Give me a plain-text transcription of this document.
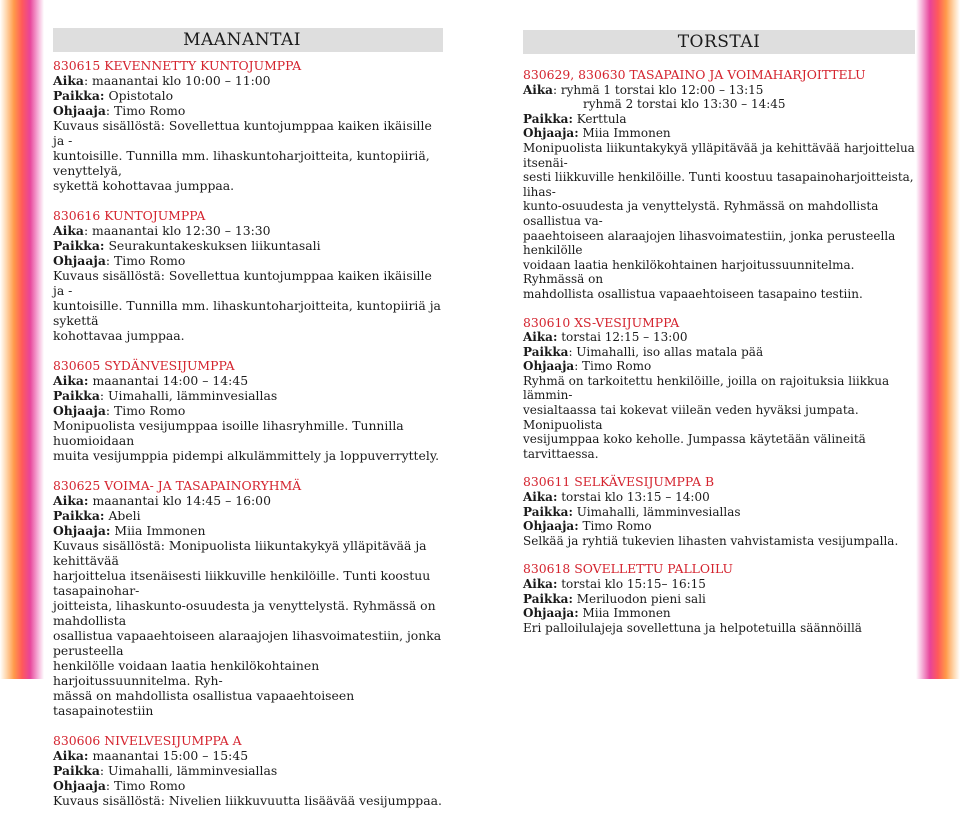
MAANANTAI
830615 KEVENNETTY KUNTOJUMPPA
Aika: maanantai klo 10:00 – 11:00
Paikka: Opistotalo
Ohjaaja: Timo Romo
Kuvaus sisällöstä: Sovellettua kuntojumppaa kaiken ikäisille ja -
kuntoisille. Tunnilla mm. lihaskuntoharjoitteita, kuntopiiriä, venyttelyä,
sykettä kohottavaa jumppaa.
830616 KUNTOJUMPPA
Aika: maanantai klo 12:30 – 13:30
Paikka: Seurakuntakeskuksen liikuntasali
Ohjaaja: Timo Romo
Kuvaus sisällöstä: Sovellettua kuntojumppaa kaiken ikäisille ja -
kuntoisille. Tunnilla mm. lihaskuntoharjoitteita, kuntopiiriä ja sykettä
kohottavaa jumppaa.
830605 SYDÄNVESIJUMPPA
Aika: maanantai 14:00 – 14:45
Paikka: Uimahalli, lämminvesiallas
Ohjaaja: Timo Romo
Monipuolista vesijumppaa isoille lihasryhmille. Tunnilla huomioidaan
muita vesijumppia pidempi alkulämmittely ja loppuverryttely.
830625 VOIMA- JA TASAPAINORYHMÄ
Aika: maanantai klo 14:45 – 16:00
Paikka: Abeli
Ohjaaja: Miia Immonen
Kuvaus sisällöstä: Monipuolista liikuntakykyä ylläpitävää ja kehittävää
harjoittelua itsenäisesti liikkuville henkilöille. Tunti koostuu tasapainohar-
joitteista, lihaskunto-osuudesta ja venyttelystä. Ryhmässä on mahdollista
osallistua vapaaehtoiseen alaraajojen lihasvoimatestiin, jonka perusteella
henkilölle voidaan laatia henkilökohtainen harjoitussuunnitelma. Ryh-
mässä on mahdollista osallistua vapaaehtoiseen tasapainotestiin
830606 NIVELVESIJUMPPA A
Aika: maanantai 15:00 – 15:45
Paikka: Uimahalli, lämminvesiallas
Ohjaaja: Timo Romo
Kuvaus sisällöstä: Nivelien liikkuvuutta lisäävää vesijumppaa.
TORSTAI
830629, 830630 TASAPAINO JA VOIMAHARJOITTELU
Aika: ryhmä 1 torstai klo 12:00 – 13:15
ryhmä 2 torstai klo 13:30 – 14:45
Paikka: Kerttula
Ohjaaja: Miia Immonen
Monipuolista liikuntakykyä ylläpitävää ja kehittävää harjoittelua itsenäi-
sesti liikkuville henkilöille. Tunti koostuu tasapainoharjoitteista, lihas-
kunto-osuudesta ja venyttelystä. Ryhmässä on mahdollista osallistua va-
paaehtoiseen alaraajojen lihasvoimatestiin, jonka perusteella henkilölle
voidaan laatia henkilökohtainen harjoitussuunnitelma. Ryhmässä on
mahdollista osallistua vapaaehtoiseen tasapaino testiin.
830610 XS-VESIJUMPPA
Aika: torstai 12:15 – 13:00
Paikka: Uimahalli, iso allas matala pää
Ohjaaja: Timo Romo
Ryhmä on tarkoitettu henkilöille, joilla on rajoituksia liikkua lämmin-
vesialtaassa tai kokevat viileän veden hyväksi jumpata. Monipuolista
vesijumppaa koko keholle. Jumpassa käytetään välineitä tarvittaessa.
830611 SELKÄVESIJUMPPA B
Aika: torstai klo 13:15 – 14:00
Paikka: Uimahalli, lämminvesiallas
Ohjaaja: Timo Romo
Selkää ja ryhtiä tukevien lihasten vahvistamista vesijumpalla.
830618 SOVELLETTU PALLOILU
Aika: torstai klo 15:15– 16:15
Paikka: Meriluodon pieni sali
Ohjaaja: Miia Immonen
Eri palloilulajeja sovellettuna ja helpotetuilla säännöillä
